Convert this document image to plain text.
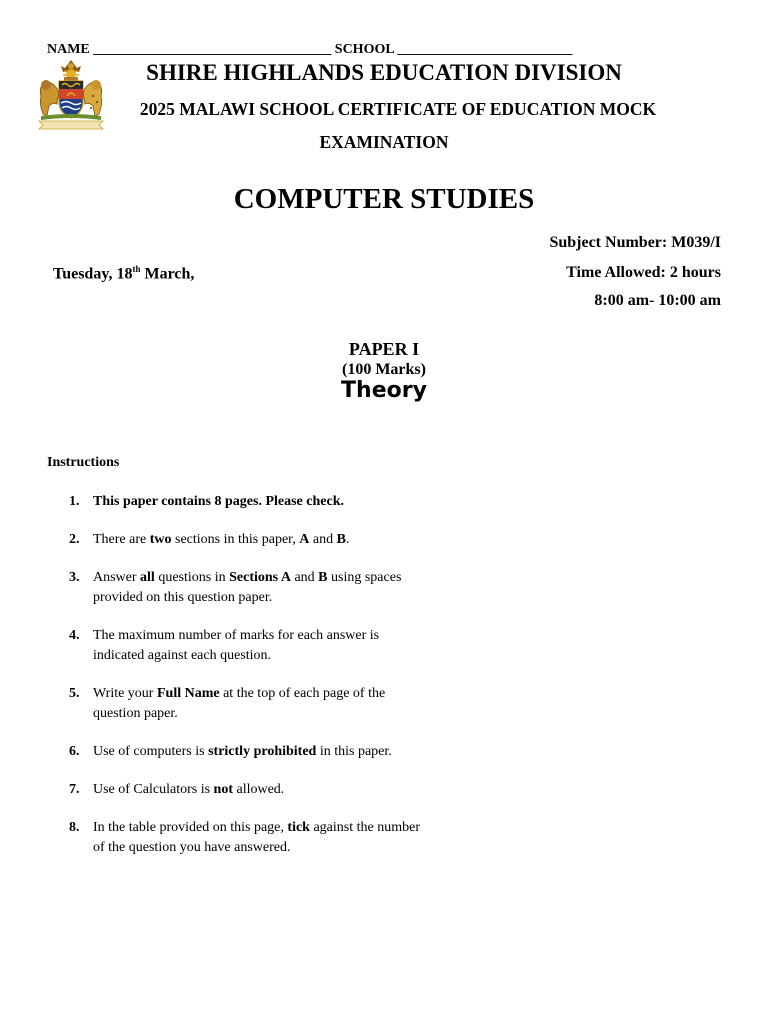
NAME __________________________________ SCHOOL _________________________
SHIRE HIGHLANDS EDUCATION DIVISION
2025 MALAWI SCHOOL CERTIFICATE OF EDUCATION MOCK
EXAMINATION
COMPUTER STUDIES
Subject Number: M039/I
Tuesday, 18th March,	Time Allowed: 2 hours
8:00 am- 10:00 am
PAPER I
(100 Marks)
Theory
Instructions
1. This paper contains 8 pages. Please check.
2. There are two sections in this paper, A and B.
3. Answer all questions in Sections A and B using spaces provided on this question paper.
4. The maximum number of marks for each answer is indicated against each question.
5. Write your Full Name at the top of each page of the question paper.
6. Use of computers is strictly prohibited in this paper.
7. Use of Calculators is not allowed.
8. In the table provided on this page, tick against the number of the question you have answered.
